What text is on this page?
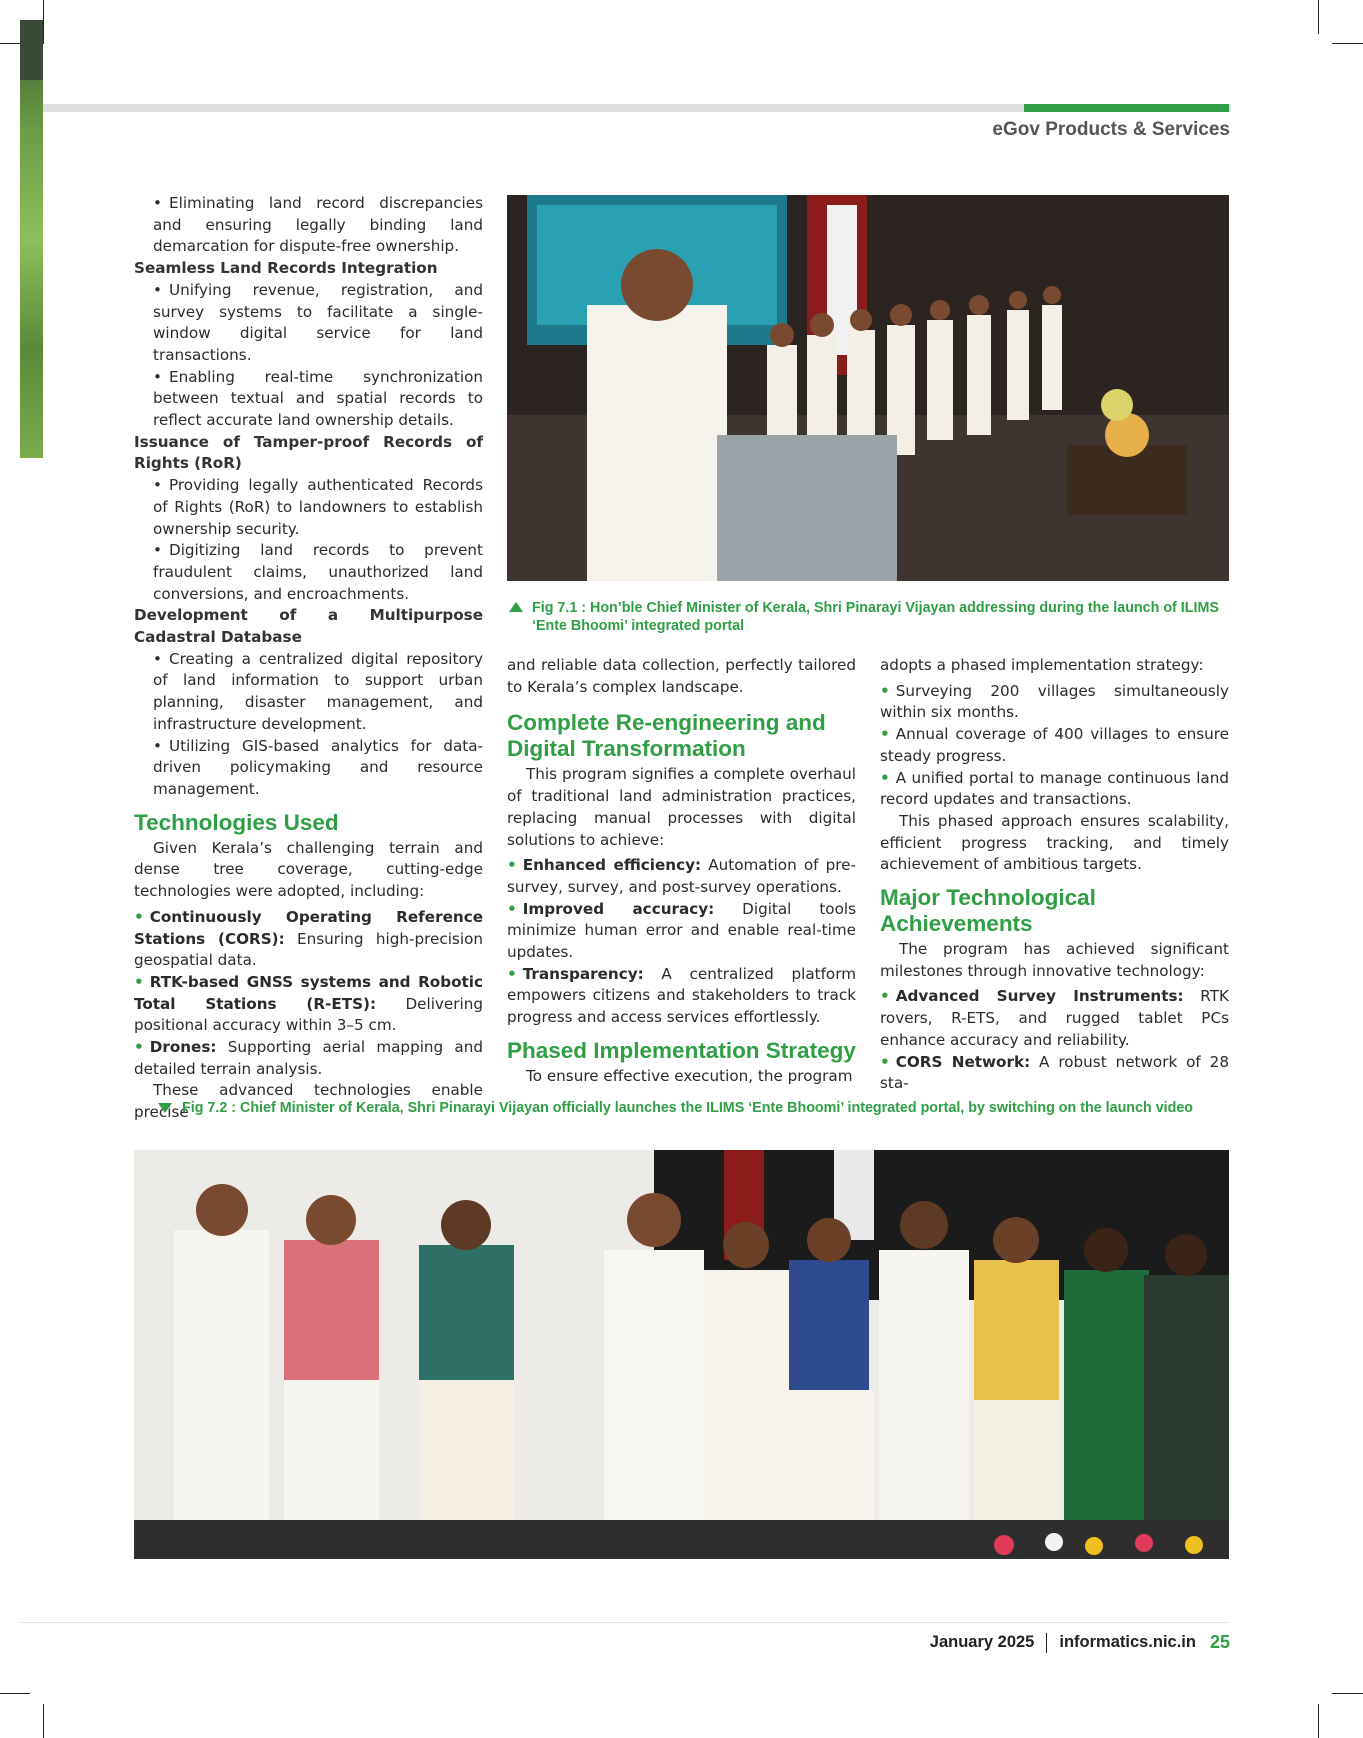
eGov Products & Services

• Eliminating land record discrepancies and ensuring legally binding land demarcation for dispute-free ownership.

Seamless Land Records Integration

• Unifying revenue, registration, and survey systems to facilitate a single-window digital service for land transactions.

• Enabling real-time synchronization between textual and spatial records to reflect accurate land ownership details.

Issuance of Tamper-proof Records of Rights (RoR)

• Providing legally authenticated Records of Rights (RoR) to landowners to establish ownership security.

• Digitizing land records to prevent fraudulent claims, unauthorized land conversions, and encroachments.

Development of a Multipurpose Cadastral Database

• Creating a centralized digital repository of land information to support urban planning, disaster management, and infrastructure development.

• Utilizing GIS-based analytics for data-driven policymaking and resource management.

Technologies Used

Given Kerala’s challenging terrain and dense tree coverage, cutting-edge technologies were adopted, including:

• Continuously Operating Reference Stations (CORS): Ensuring high-precision geospatial data.

• RTK-based GNSS systems and Robotic Total Stations (R-ETS): Delivering positional accuracy within 3–5 cm.

• Drones: Supporting aerial mapping and detailed terrain analysis.

These advanced technologies enable precise

Fig 7.1 : Hon’ble Chief Minister of Kerala, Shri Pinarayi Vijayan addressing during the launch of ILIMS ‘Ente Bhoomi’ integrated portal

and reliable data collection, perfectly tailored to Kerala’s complex landscape.

Complete Re-engineering and Digital Transformation

This program signifies a complete overhaul of traditional land administration practices, replacing manual processes with digital solutions to achieve:

• Enhanced efficiency: Automation of pre-survey, survey, and post-survey operations.

• Improved accuracy: Digital tools minimize human error and enable real-time updates.

• Transparency: A centralized platform empowers citizens and stakeholders to track progress and access services effortlessly.

Phased Implementation Strategy

To ensure effective execution, the program

adopts a phased implementation strategy:

• Surveying 200 villages simultaneously within six months.

• Annual coverage of 400 villages to ensure steady progress.

• A unified portal to manage continuous land record updates and transactions.

This phased approach ensures scalability, efficient progress tracking, and timely achievement of ambitious targets.

Major Technological Achievements

The program has achieved significant milestones through innovative technology:

• Advanced Survey Instruments: RTK rovers, R-ETS, and rugged tablet PCs enhance accuracy and reliability.

• CORS Network: A robust network of 28 sta-

Fig 7.2 : Chief Minister of Kerala, Shri Pinarayi Vijayan officially launches the ILIMS ‘Ente Bhoomi’ integrated portal, by switching on the launch video
January 2025 informatics.nic.in 25
